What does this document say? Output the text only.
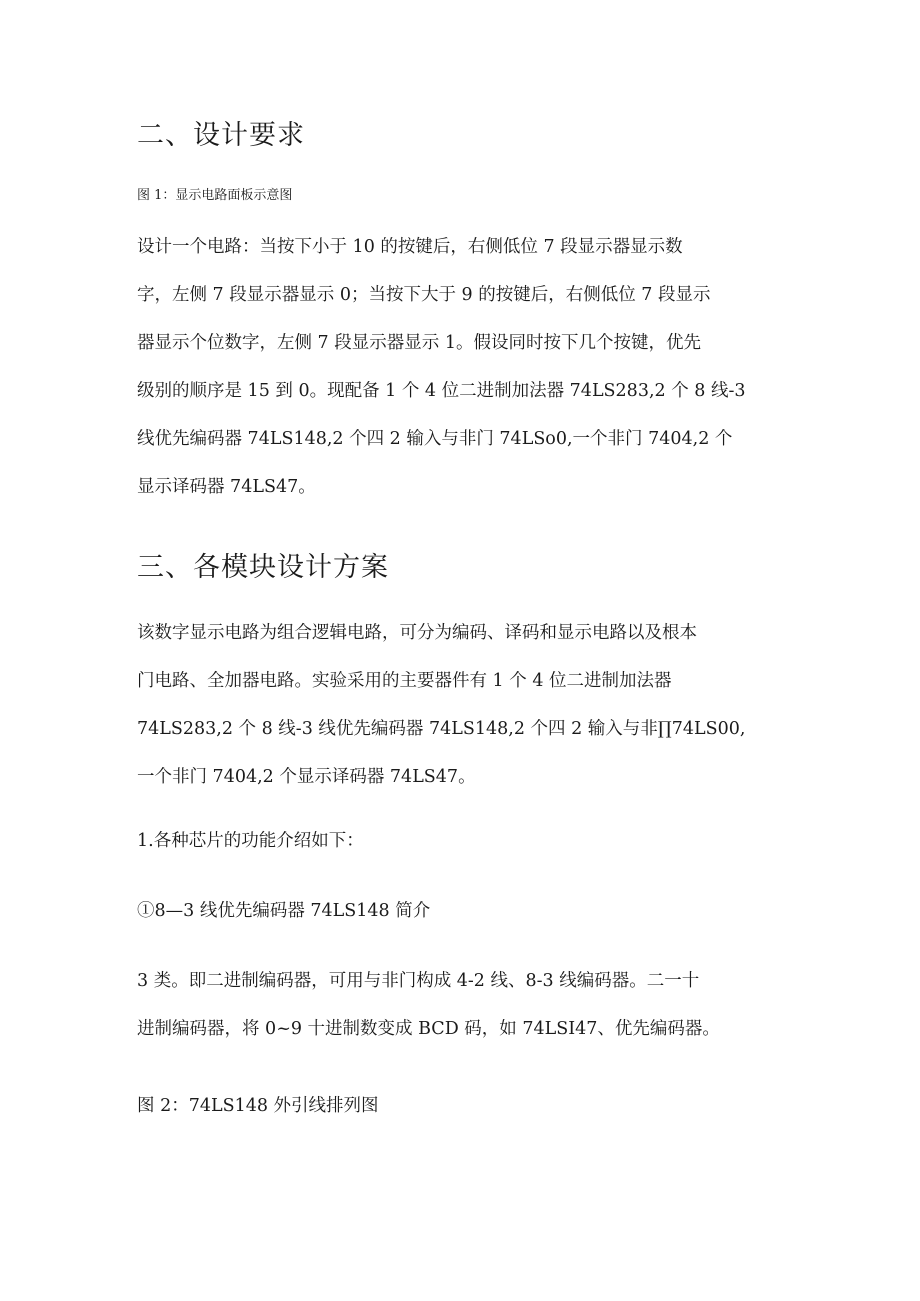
二、设计要求

图 1：显示电路面板示意图

设计一个电路：当按下小于 10 的按键后，右侧低位 7 段显示器显示数
字，左侧 7 段显示器显示 0；当按下大于 9 的按键后，右侧低位 7 段显示
器显示个位数字，左侧 7 段显示器显示 1。假设同时按下几个按键，优先
级别的顺序是 15 到 0。现配备 1 个 4 位二进制加法器 74LS283,2 个 8 线-3
线优先编码器 74LS148,2 个四 2 输入与非门 74LSo0,一个非门 7404,2 个
显示译码器 74LS47。
三、各模块设计方案
该数字显示电路为组合逻辑电路，可分为编码、译码和显示电路以及根本
门电路、全加器电路。实验采用的主要器件有 1 个 4 位二进制加法器
74LS283,2 个 8 线-3 线优先编码器 74LS148,2 个四 2 输入与非∏74LS00,
一个非门 7404,2 个显示译码器 74LS47。

1.各种芯片的功能介绍如下：

①8—3 线优先编码器 74LS148 简介

3 类。即二进制编码器，可用与非门构成 4-2 线、8-3 线编码器。二一十
进制编码器，将 0~9 十进制数变成 BCD 码，如 74LSI47、优先编码器。

图 2：74LS148 外引线排列图
